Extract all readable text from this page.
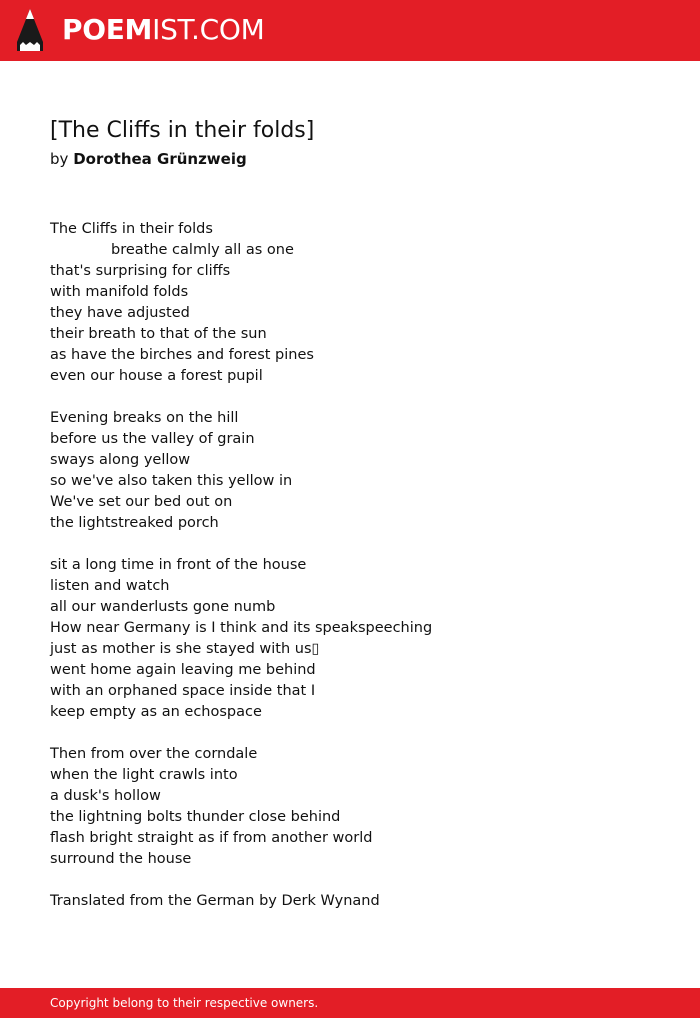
POEMIST.COM
[The Cliffs in their folds]
by Dorothea Grünzweig
The Cliffs in their folds
breathe calmly all as one
that's surprising for cliffs
with manifold folds
they have adjusted
their breath to that of the sun
as have the birches and forest pines
even our house a forest pupil
Evening breaks on the hill
before us the valley of grain
sways along yellow
so we've also taken this yellow in
We've set our bed out on
the lightstreaked porch
sit a long time in front of the house
listen and watch
all our wanderlusts gone numb
How near Germany is I think and its speakspeeching
just as mother is she stayed with us▯
went home again leaving me behind
with an orphaned space inside that I
keep empty as an echospace
Then from over the corndale
when the light crawls into
a dusk's hollow
the lightning bolts thunder close behind
flash bright straight as if from another world
surround the house
Translated from the German by Derk Wynand
Copyright belong to their respective owners.
